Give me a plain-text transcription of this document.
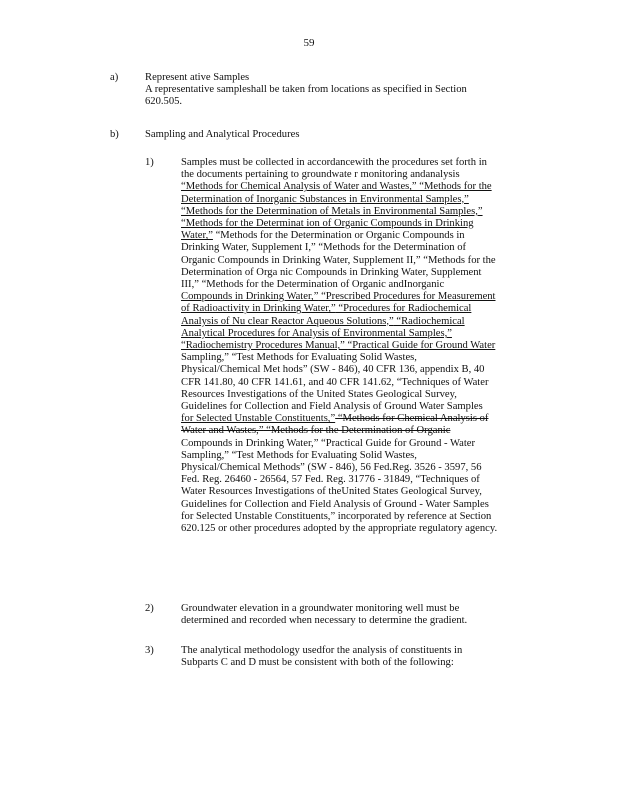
59
a)	Represent ative Samples
A representative sampleshall be taken from locations as specified in Section
620.505.
b) Sampling and Analytical Procedures
1)	Samples must be collected in accordancewith the procedures set forth in
the documents pertaining to groundwate r monitoring andanalysis
“Methods for Chemical Analysis of Water and Wastes,” “Methods for the
Determination of Inorganic Substances in Environmental Samples,”
“Methods for the Determination of Metals in Environmental Samples,”
“Methods for the Determinat ion of Organic Compounds in Drinking
Water,” “Methods for the Determination or Organic Compounds in
Drinking Water, Supplement I,” “Methods for the Determination of
Organic Compounds in Drinking Water, Supplement II,” “Methods for the
Determination of Orga nic Compounds in Drinking Water, Supplement
III,” “Methods for the Determination of Organic andInorganic
Compounds in Drinking Water,” “Prescribed Procedures for Measurement
of Radioactivity in Drinking Water,” “Procedures for Radiochemical
Analysis of Nu clear Reactor Aqueous Solutions,” “Radiochemical
Analytical Procedures for Analysis of Environmental Samples,”
“Radiochemistry Procedures Manual,” “Practical Guide for Ground Water
Sampling,” “Test Methods for Evaluating Solid Wastes,
Physical/Chemical Met hods” (SW - 846), 40 CFR 136, appendix B, 40
CFR 141.80, 40 CFR 141.61, and 40 CFR 141.62, “Techniques of Water
Resources Investigations of the United States Geological Survey,
Guidelines for Collection and Field Analysis of Ground Water Samples
for Selected Unstable Constituents,” “Methods for Chemical Analysis of
Water and Wastes,” “Methods for the Determination of Organic
Compounds in Drinking Water,” “Practical Guide for Ground - Water
Sampling,” “Test Methods for Evaluating Solid Wastes,
Physical/Chemical Methods” (SW - 846), 56 Fed.Reg. 3526 - 3597, 56
Fed. Reg. 26460 - 26564, 57 Fed. Reg. 31776 - 31849, “Techniques of
Water Resources Investigations of theUnited States Geological Survey,
Guidelines for Collection and Field Analysis of Ground - Water Samples
for Selected Unstable Constituents,” incorporated by reference at Section
620.125 or other procedures adopted by the appropriate regulatory agency.
2)	Groundwater elevation in a groundwater monitoring well must be
determined and recorded when necessary to determine the gradient.
3)	The analytical methodology usedfor the analysis of constituents in
Subparts C and D must be consistent with both of the following:
